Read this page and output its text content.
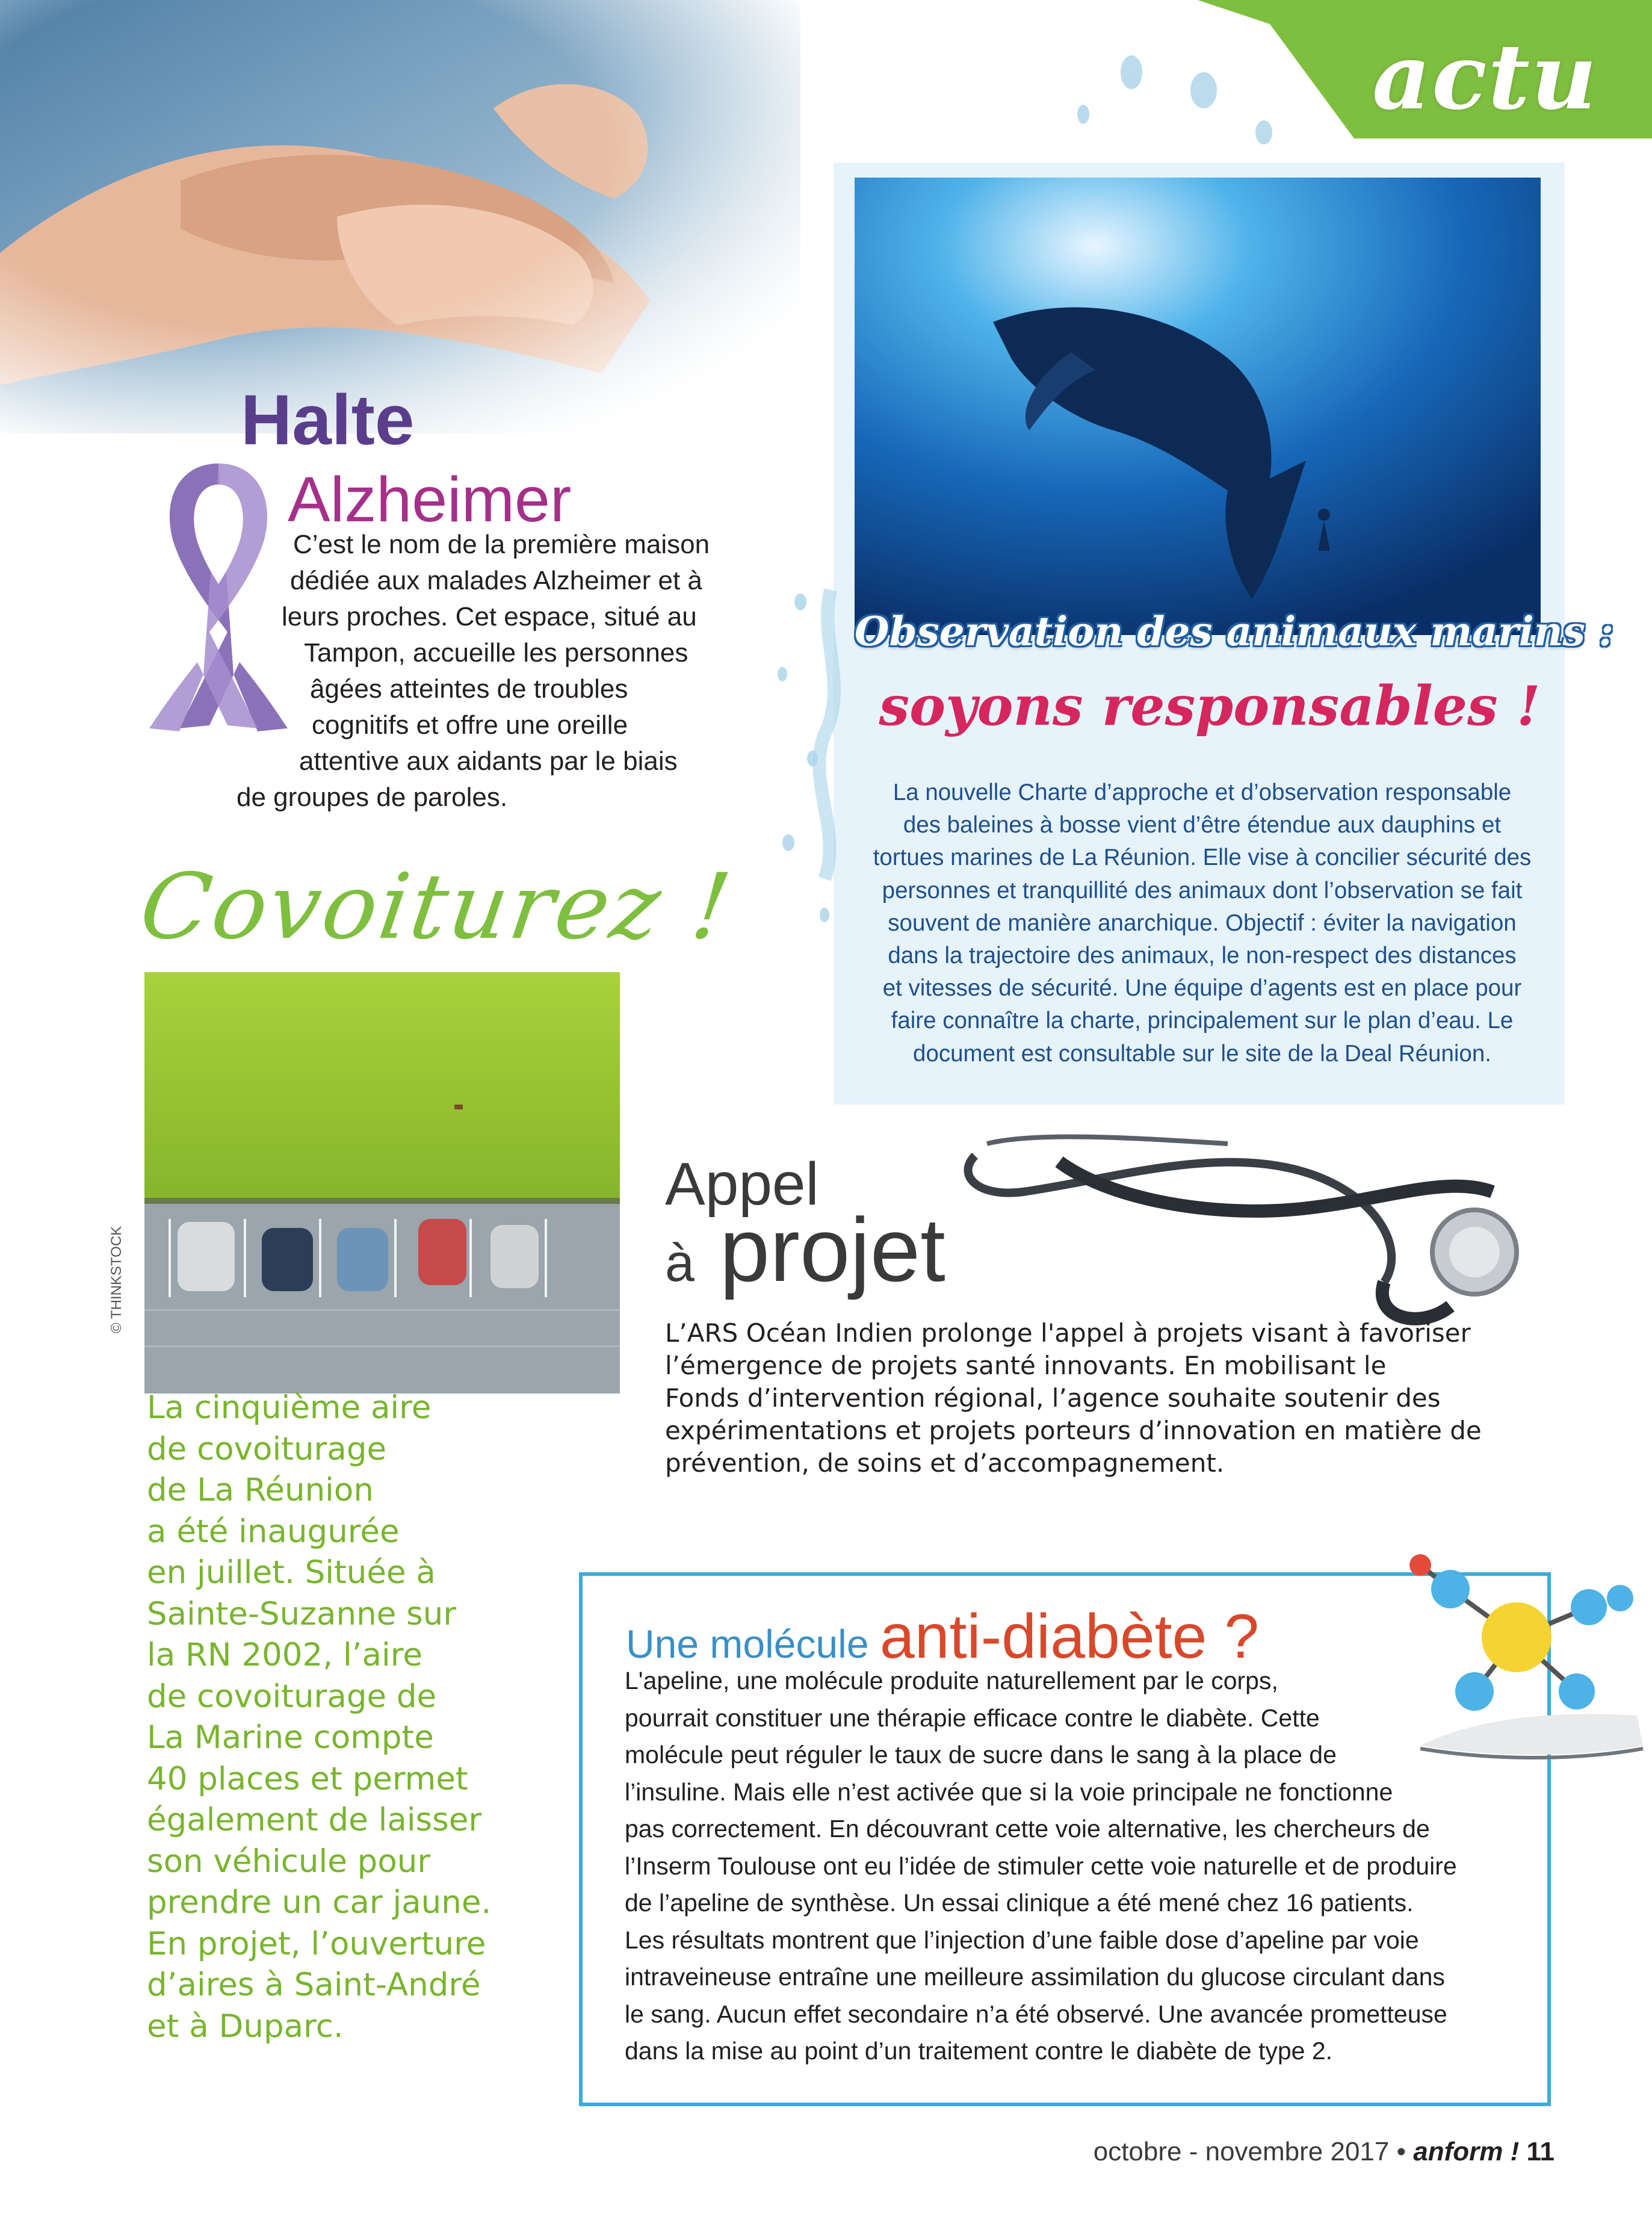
actu
Halte
Alzheimer
C’est le nom de la première maison
dédiée aux malades Alzheimer et à
leurs proches. Cet espace, situé au
Tampon, accueille les personnes
âgées atteintes de troubles
cognitifs et offre une oreille
attentive aux aidants par le biais
de groupes de paroles.
Covoiturez !
© THINKSTOCK
La cinquième aire
de covoiturage
de La Réunion
a été inaugurée
en juillet. Située à
Sainte-Suzanne sur
la RN 2002, l’aire
de covoiturage de
La Marine compte
40 places et permet
également de laisser
son véhicule pour
prendre un car jaune.
En projet, l’ouverture
d’aires à Saint-André
et à Duparc.
Observation des animaux marins :
soyons responsables !
La nouvelle Charte d’approche et d’observation responsable
des baleines à bosse vient d’être étendue aux dauphins et
tortues marines de La Réunion. Elle vise à concilier sécurité des
personnes et tranquillité des animaux dont l’observation se fait
souvent de manière anarchique. Objectif : éviter la navigation
dans la trajectoire des animaux, le non-respect des distances
et vitesses de sécurité. Une équipe d’agents est en place pour
faire connaître la charte, principalement sur le plan d’eau. Le
document est consultable sur le site de la Deal Réunion.
Appel
à projet
L’ARS Océan Indien prolonge l'appel à projets visant à favoriser
l’émergence de projets santé innovants. En mobilisant le
Fonds d’intervention régional, l’agence souhaite soutenir des
expérimentations et projets porteurs d’innovation en matière de
prévention, de soins et d’accompagnement.
Une molécule anti-diabète ?
L'apeline, une molécule produite naturellement par le corps,
pourrait constituer une thérapie efficace contre le diabète. Cette
molécule peut réguler le taux de sucre dans le sang à la place de
l’insuline. Mais elle n’est activée que si la voie principale ne fonctionne
pas correctement. En découvrant cette voie alternative, les chercheurs de
l’Inserm Toulouse ont eu l’idée de stimuler cette voie naturelle et de produire
de l’apeline de synthèse. Un essai clinique a été mené chez 16 patients.
Les résultats montrent que l’injection d’une faible dose d’apeline par voie
intraveineuse entraîne une meilleure assimilation du glucose circulant dans
le sang. Aucun effet secondaire n’a été observé. Une avancée prometteuse
dans la mise au point d’un traitement contre le diabète de type 2.
octobre - novembre 2017 • anform ! 11
